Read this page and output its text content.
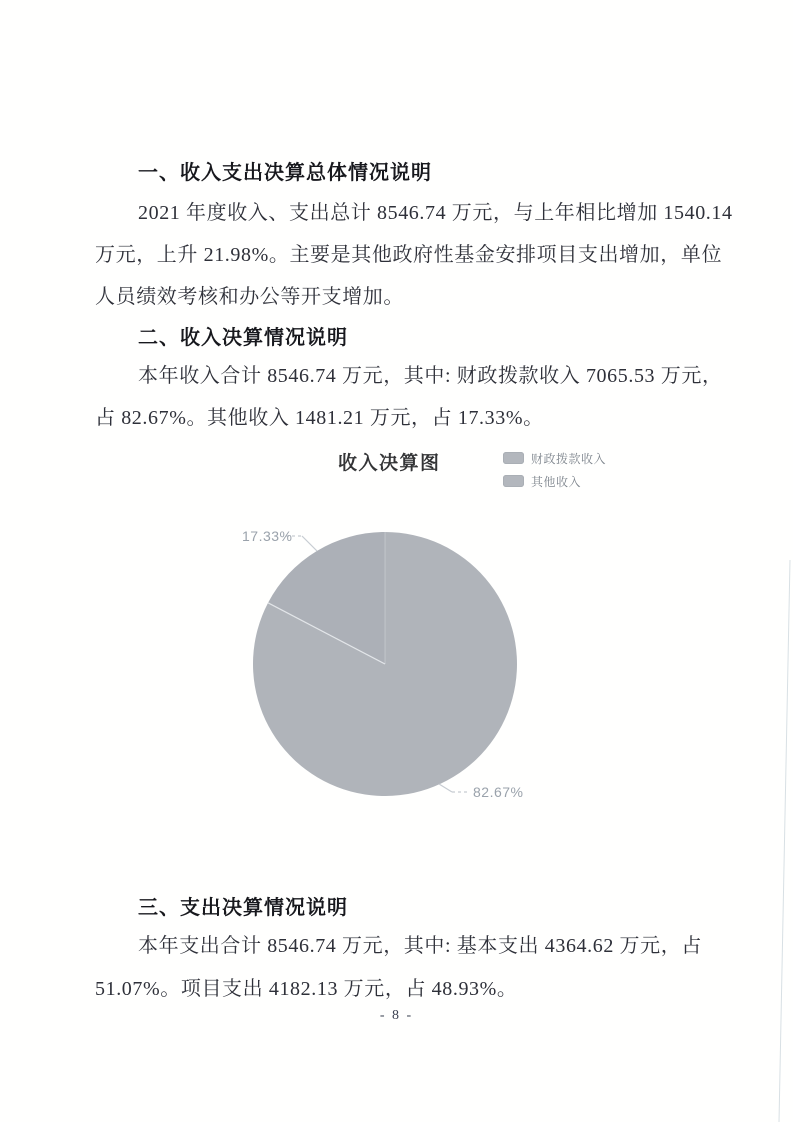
一、收入支出决算总体情况说明
2021 年度收入、支出总计 8546.74 万元，与上年相比增加 1540.14
万元，上升 21.98%。主要是其他政府性基金安排项目支出增加，单位
人员绩效考核和办公等开支增加。
二、收入决算情况说明
本年收入合计 8546.74 万元，其中: 财政拨款收入 7065.53 万元，
占 82.67%。其他收入 1481.21 万元，占 17.33%。
收入决算图	财政拨款收入
其他收入
17.33%
82.67%
三、支出决算情况说明
本年支出合计 8546.74 万元，其中: 基本支出 4364.62 万元，占
51.07%。项目支出 4182.13 万元，占 48.93%。
- 8 -
